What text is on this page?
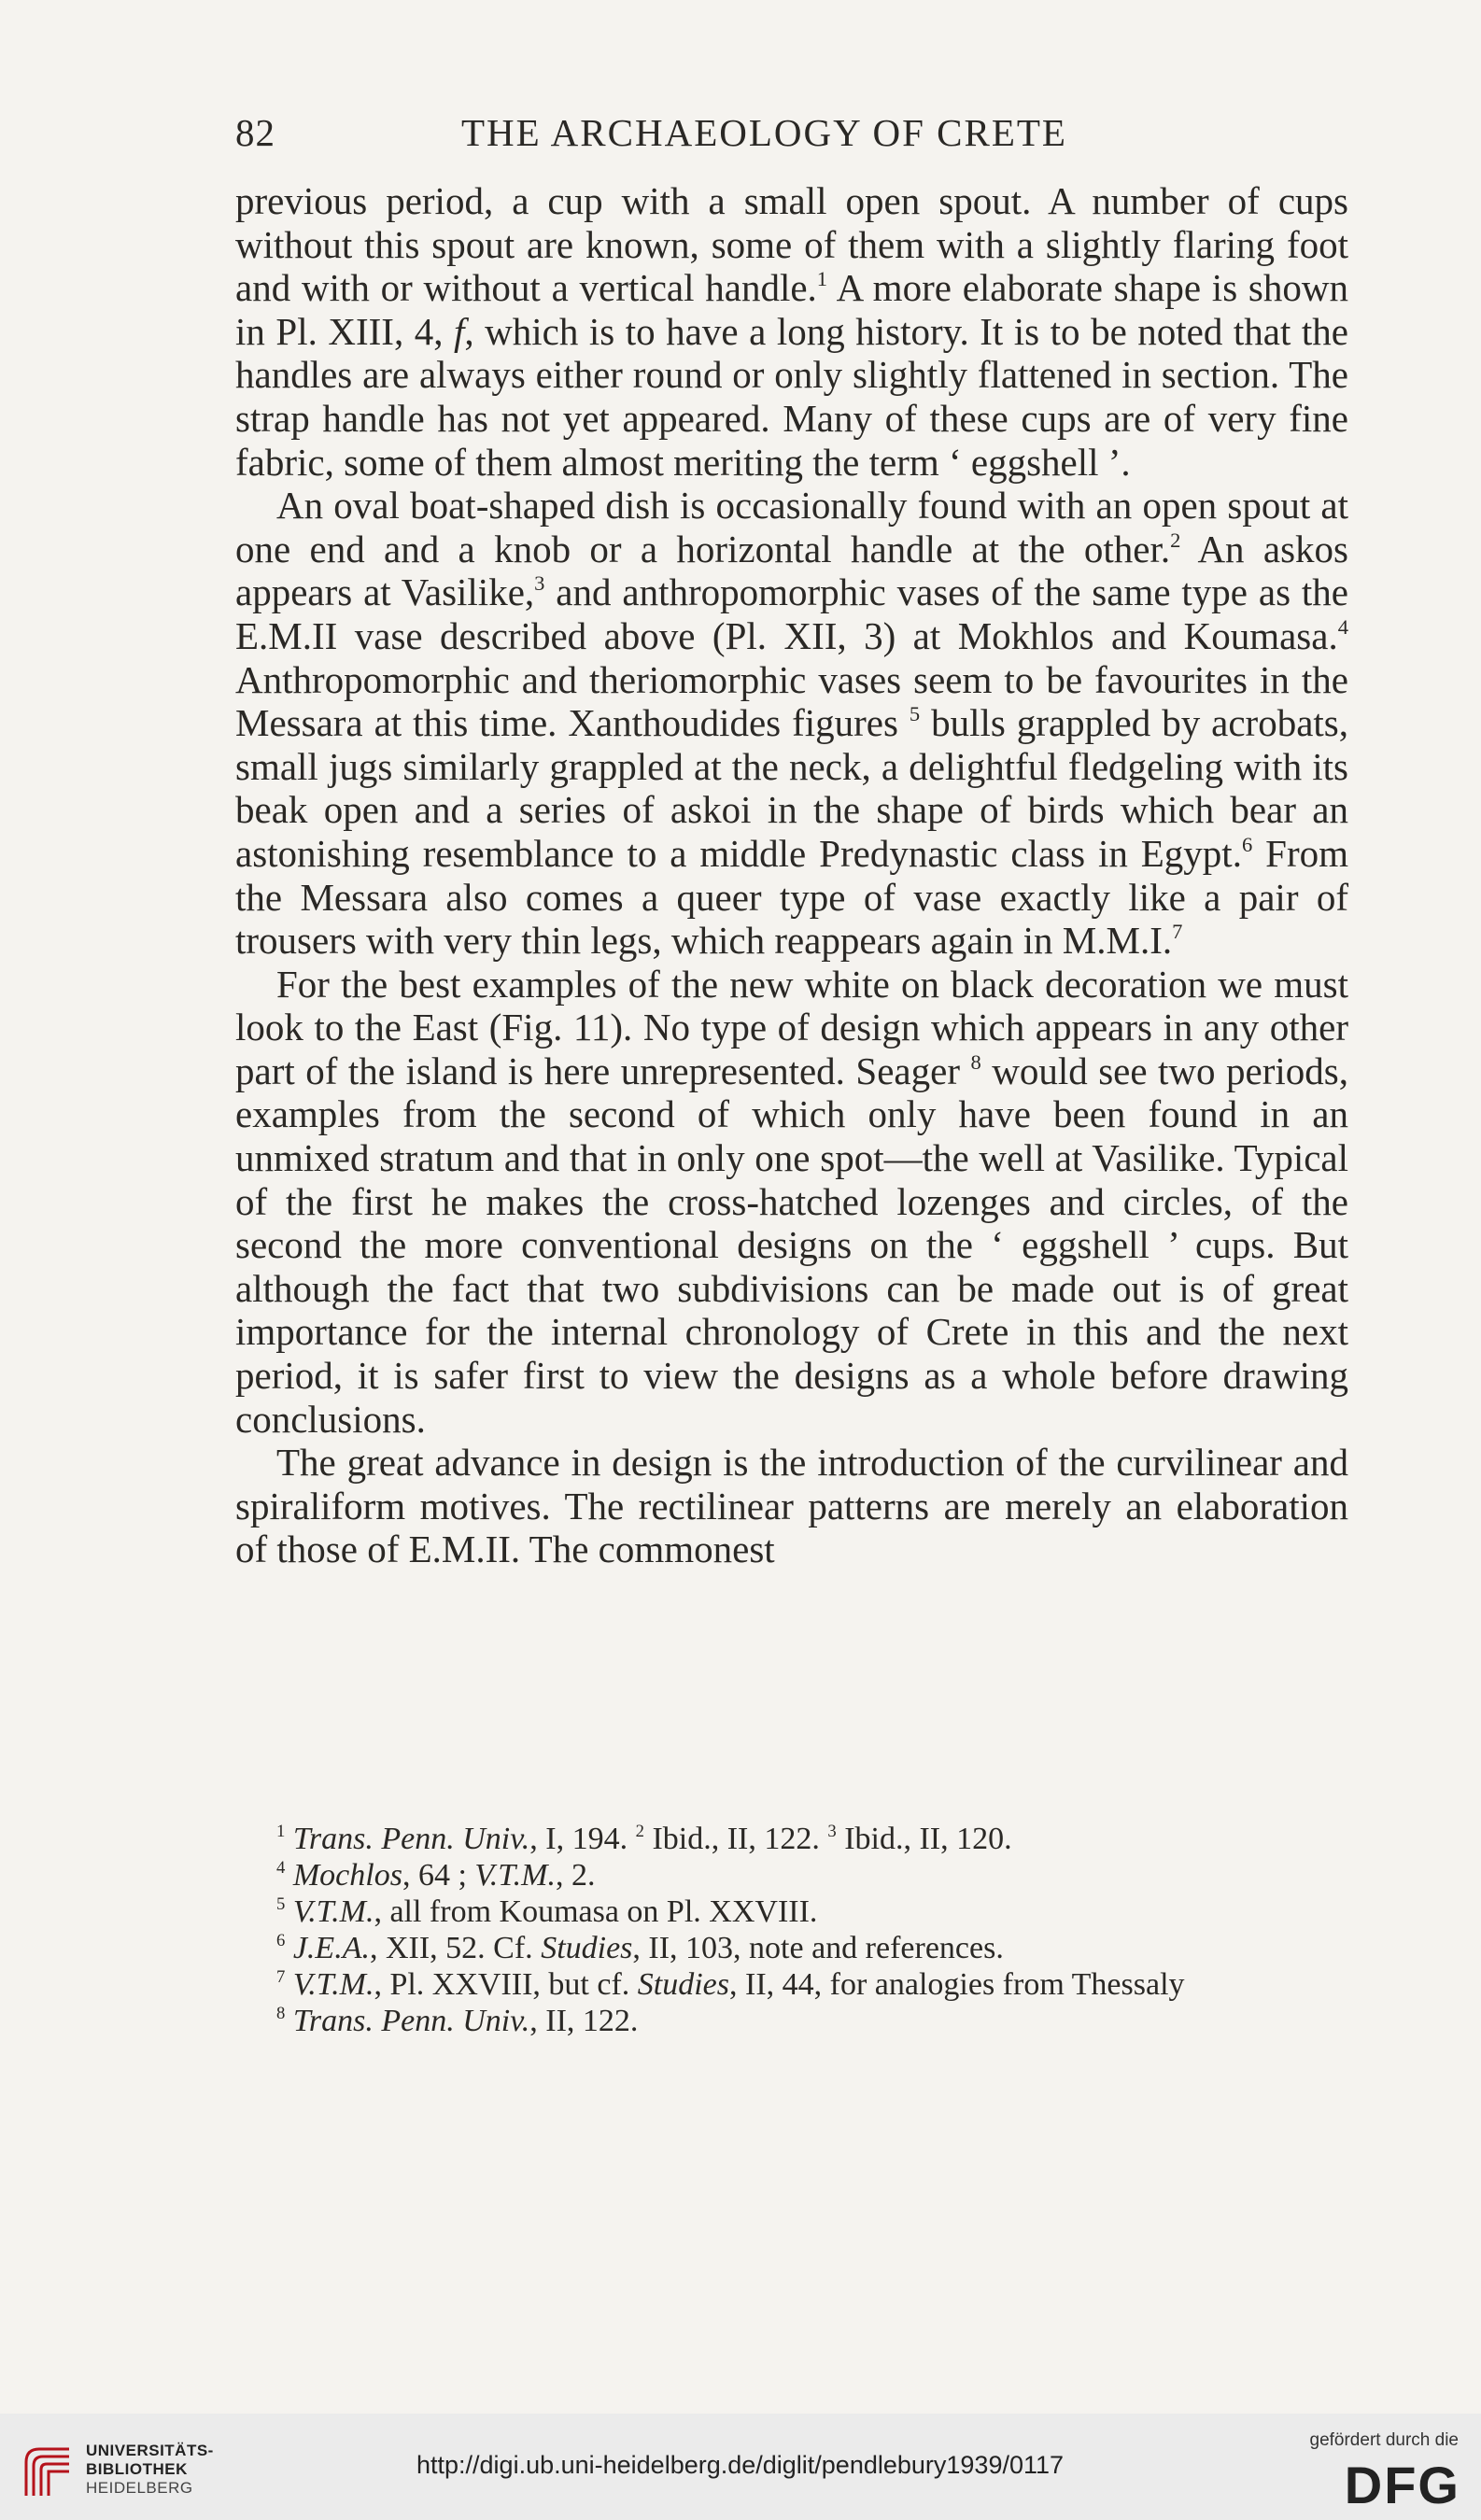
82	THE ARCHAEOLOGY OF CRETE

previous period, a cup with a small open spout. A number of cups without this spout are known, some of them with a slightly flaring foot and with or without a vertical handle.$^1$ A more elaborate shape is shown in Pl. XIII, 4, f, which is to have a long history. It is to be noted that the handles are always either round or only slightly flattened in section. The strap handle has not yet appeared. Many of these cups are of very fine fabric, some of them almost meriting the term ‘ eggshell ’.

An oval boat-shaped dish is occasionally found with an open spout at one end and a knob or a horizontal handle at the other.$^2$ An askos appears at Vasilike,$^3$ and anthropomorphic vases of the same type as the E.M.II vase described above (Pl. XII, 3) at Mokhlos and Koumasa.$^4$ Anthropomorphic and theriomorphic vases seem to be favourites in the Messara at this time. Xanthoudides figures $^5$ bulls grappled by acrobats, small jugs similarly grappled at the neck, a delightful fledgeling with its beak open and a series of askoi in the shape of birds which bear an astonishing resemblance to a middle Predynastic class in Egypt.$^6$ From the Messara also comes a queer type of vase exactly like a pair of trousers with very thin legs, which reappears again in M.M.I.$^7$

For the best examples of the new white on black decoration we must look to the East (Fig. 11). No type of design which appears in any other part of the island is here unrepresented. Seager $^8$ would see two periods, examples from the second of which only have been found in an unmixed stratum and that in only one spot—the well at Vasilike. Typical of the first he makes the cross-hatched lozenges and circles, of the second the more conventional designs on the ‘ eggshell ’ cups. But although the fact that two subdivisions can be made out is of great importance for the internal chronology of Crete in this and the next period, it is safer first to view the designs as a whole before drawing conclusions.

The great advance in design is the introduction of the curvilinear and spiraliform motives. The rectilinear patterns are merely an elaboration of those of E.M.II. The commonest

$^1$ Trans. Penn. Univ., I, 194. $^2$ Ibid., II, 122. $^3$ Ibid., II, 120.

$^4$ Mochlos, 64 ; V.T.M., 2.

$^5$ V.T.M., all from Koumasa on Pl. XXVIII.

$^6$ J.E.A., XII, 52. Cf. Studies, II, 103, note and references.

$^7$ V.T.M., Pl. XXVIII, but cf. Studies, II, 44, for analogies from Thessaly

$^8$ Trans. Penn. Univ., II, 122.

UNIVERSITÄTS-
BIBLIOTHEK
HEIDELBERG
http://digi.ub.uni-heidelberg.de/diglit/pendlebury1939/0117
gefördert durch die
DFG
